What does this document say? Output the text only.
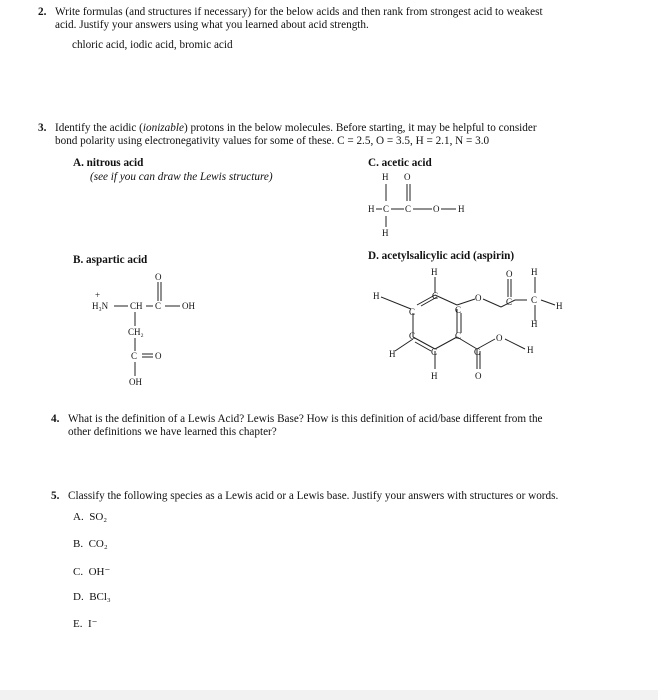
2. Write formulas (and structures if necessary) for the below acids and then rank from strongest acid to weakest
acid. Justify your answers using what you learned about acid strength.
chloric acid, iodic acid, bromic acid
3. Identify the acidic (ionizable) protons in the below molecules. Before starting, it may be helpful to consider
bond polarity using electronegativity values for some of these. C = 2.5, O = 3.5, H = 2.1, N = 3.0
A. nitrous acid
(see if you can draw the Lewis structure)
C. acetic acid
B. aspartic acid	D. acetylsalicylic acid (aspirin)
H O
H C C O H
H
+
H₃N CH C
O
OH
CH₂
C O
OH
H	H
H	O	C
O
C
H
H
C
C
C
C
C
C	C
O
H
H
H	O
4. What is the definition of a Lewis Acid? Lewis Base? How is this definition of acid/base different from the
other definitions we have learned this chapter?
5. Classify the following species as a Lewis acid or a Lewis base. Justify your answers with structures or words.
A. SO₂
B. CO₂
C. OH⁻
D. BCl₃
E. I⁻
